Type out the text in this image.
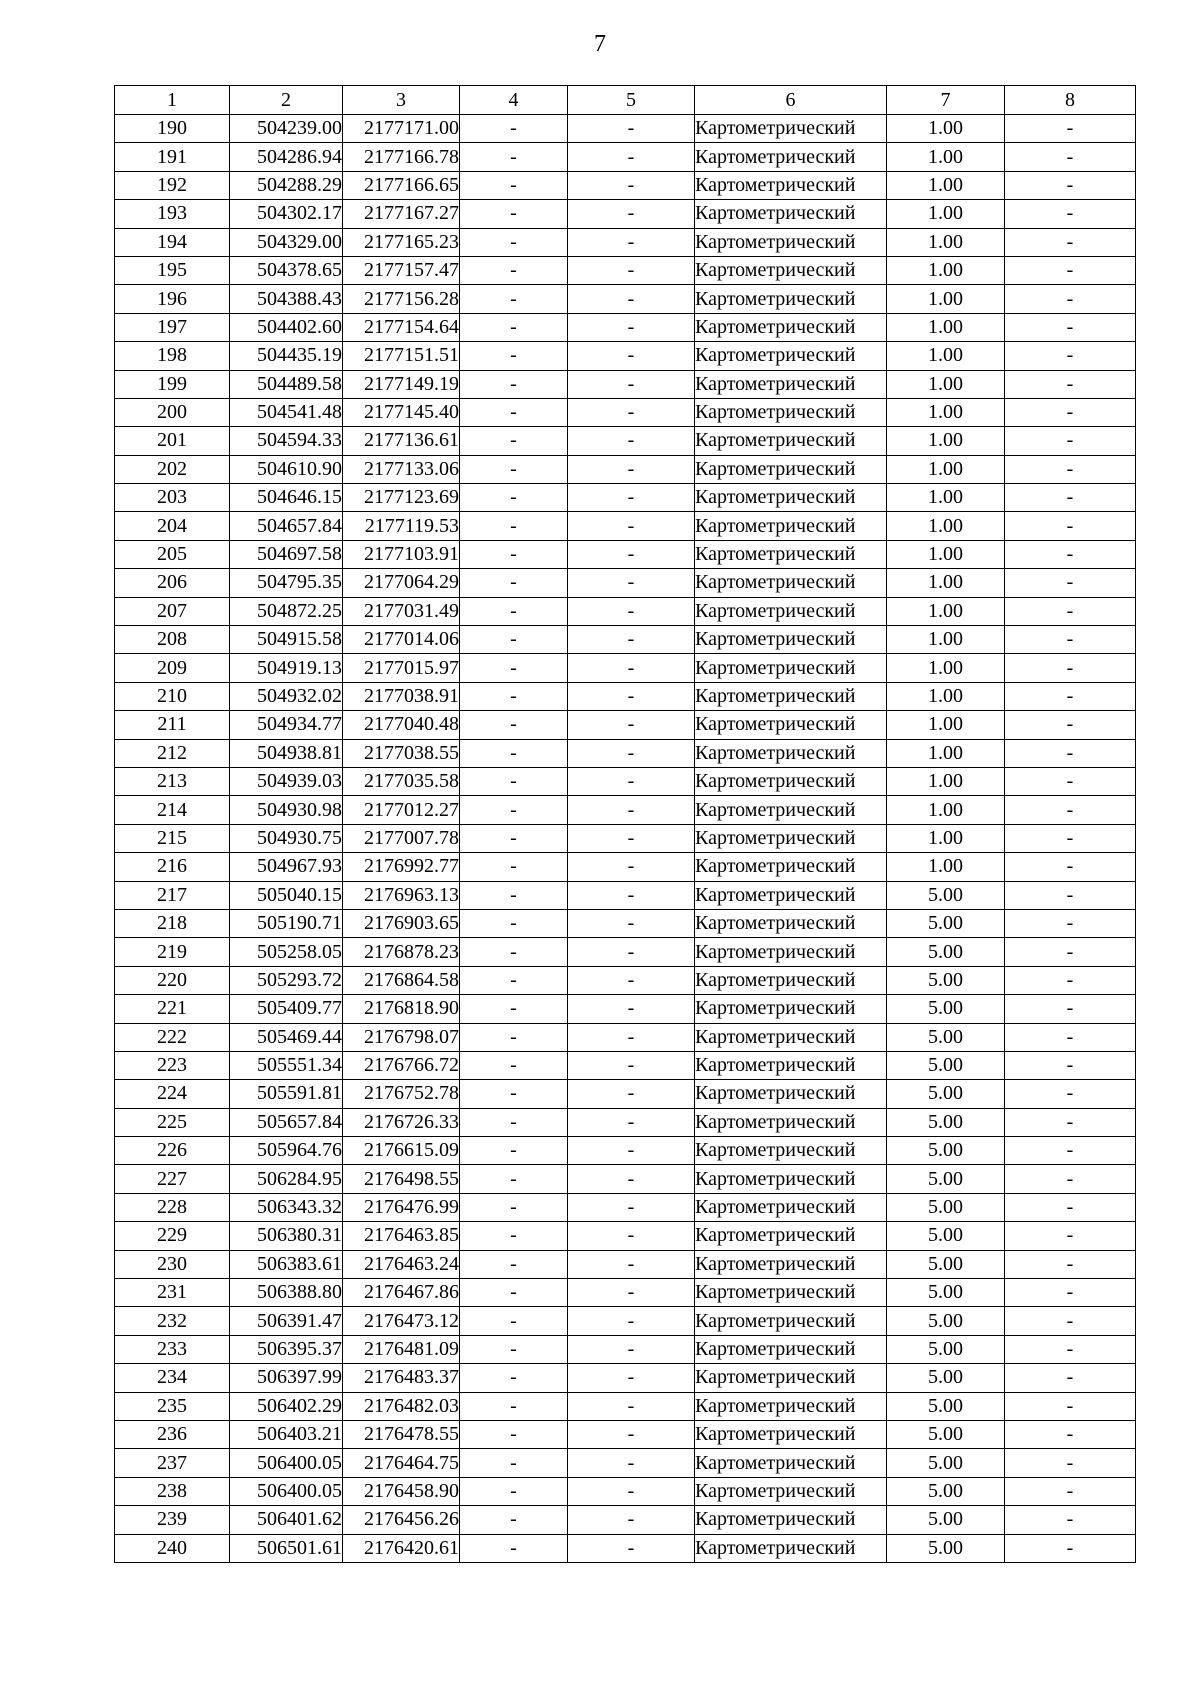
7
1	2	3	4	5	6	7	8
190	504239.00	2177171.00	-	-	Картометрический	1.00	-
191	504286.94	2177166.78	-	-	Картометрический	1.00	-
192	504288.29	2177166.65	-	-	Картометрический	1.00	-
193	504302.17	2177167.27	-	-	Картометрический	1.00	-
194	504329.00	2177165.23	-	-	Картометрический	1.00	-
195	504378.65	2177157.47	-	-	Картометрический	1.00	-
196	504388.43	2177156.28	-	-	Картометрический	1.00	-
197	504402.60	2177154.64	-	-	Картометрический	1.00	-
198	504435.19	2177151.51	-	-	Картометрический	1.00	-
199	504489.58	2177149.19	-	-	Картометрический	1.00	-
200	504541.48	2177145.40	-	-	Картометрический	1.00	-
201	504594.33	2177136.61	-	-	Картометрический	1.00	-
202	504610.90	2177133.06	-	-	Картометрический	1.00	-
203	504646.15	2177123.69	-	-	Картометрический	1.00	-
204	504657.84	2177119.53	-	-	Картометрический	1.00	-
205	504697.58	2177103.91	-	-	Картометрический	1.00	-
206	504795.35	2177064.29	-	-	Картометрический	1.00	-
207	504872.25	2177031.49	-	-	Картометрический	1.00	-
208	504915.58	2177014.06	-	-	Картометрический	1.00	-
209	504919.13	2177015.97	-	-	Картометрический	1.00	-
210	504932.02	2177038.91	-	-	Картометрический	1.00	-
211	504934.77	2177040.48	-	-	Картометрический	1.00	-
212	504938.81	2177038.55	-	-	Картометрический	1.00	-
213	504939.03	2177035.58	-	-	Картометрический	1.00	-
214	504930.98	2177012.27	-	-	Картометрический	1.00	-
215	504930.75	2177007.78	-	-	Картометрический	1.00	-
216	504967.93	2176992.77	-	-	Картометрический	1.00	-
217	505040.15	2176963.13	-	-	Картометрический	5.00	-
218	505190.71	2176903.65	-	-	Картометрический	5.00	-
219	505258.05	2176878.23	-	-	Картометрический	5.00	-
220	505293.72	2176864.58	-	-	Картометрический	5.00	-
221	505409.77	2176818.90	-	-	Картометрический	5.00	-
222	505469.44	2176798.07	-	-	Картометрический	5.00	-
223	505551.34	2176766.72	-	-	Картометрический	5.00	-
224	505591.81	2176752.78	-	-	Картометрический	5.00	-
225	505657.84	2176726.33	-	-	Картометрический	5.00	-
226	505964.76	2176615.09	-	-	Картометрический	5.00	-
227	506284.95	2176498.55	-	-	Картометрический	5.00	-
228	506343.32	2176476.99	-	-	Картометрический	5.00	-
229	506380.31	2176463.85	-	-	Картометрический	5.00	-
230	506383.61	2176463.24	-	-	Картометрический	5.00	-
231	506388.80	2176467.86	-	-	Картометрический	5.00	-
232	506391.47	2176473.12	-	-	Картометрический	5.00	-
233	506395.37	2176481.09	-	-	Картометрический	5.00	-
234	506397.99	2176483.37	-	-	Картометрический	5.00	-
235	506402.29	2176482.03	-	-	Картометрический	5.00	-
236	506403.21	2176478.55	-	-	Картометрический	5.00	-
237	506400.05	2176464.75	-	-	Картометрический	5.00	-
238	506400.05	2176458.90	-	-	Картометрический	5.00	-
239	506401.62	2176456.26	-	-	Картометрический	5.00	-
240	506501.61	2176420.61	-	-	Картометрический	5.00	-
